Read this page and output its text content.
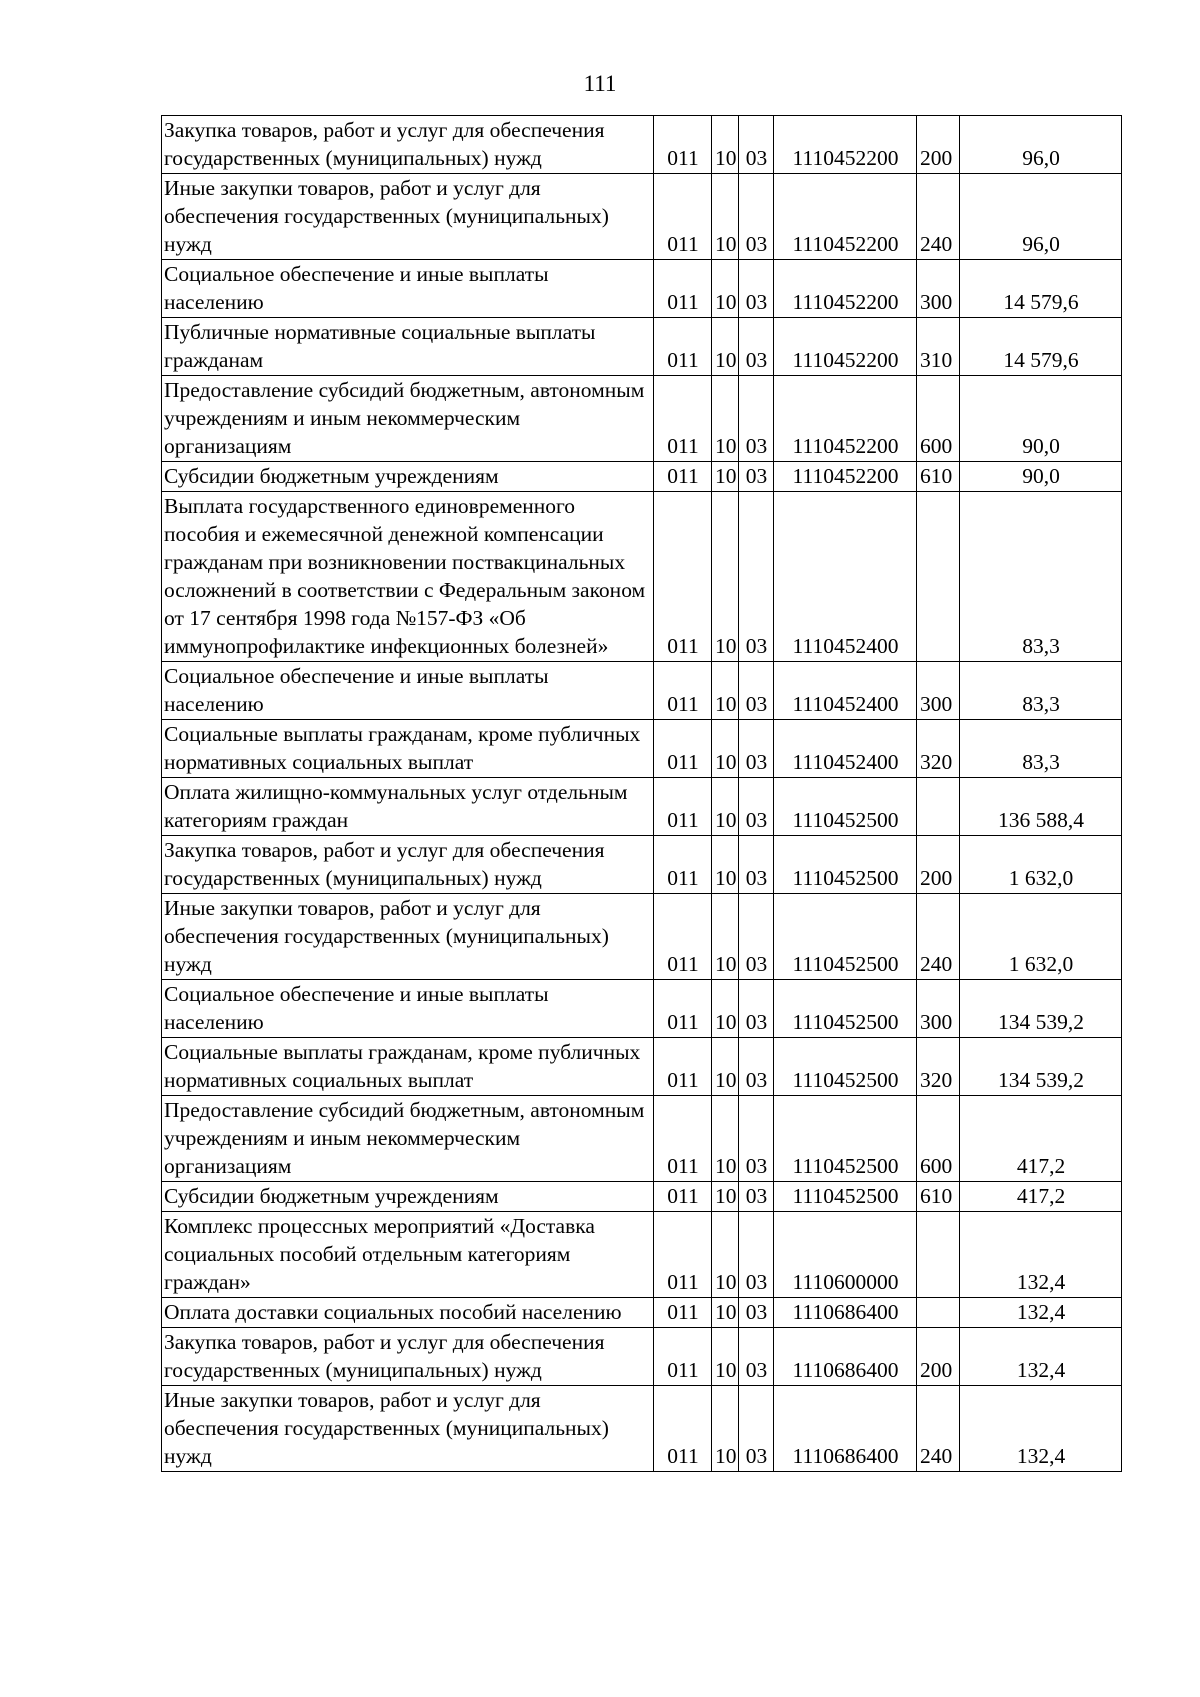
111
Закупка товаров, работ и услуг для обеспечения государственных (муниципальных) нужд	011	10	03	1110452200	200	96,0
Иные закупки товаров, работ и услуг для обеспечения государственных (муниципальных) нужд	011	10	03	1110452200	240	96,0
Социальное обеспечение и иные выплаты населению	011	10	03	1110452200	300	14 579,6
Публичные нормативные социальные выплаты гражданам	011	10	03	1110452200	310	14 579,6
Предоставление субсидий бюджетным, автономным учреждениям и иным некоммерческим организациям	011	10	03	1110452200	600	90,0
Субсидии бюджетным учреждениям	011	10	03	1110452200	610	90,0
Выплата государственного единовременного пособия и ежемесячной денежной компенсации гражданам при возникновении поствакцинальных осложнений в соответствии с Федеральным законом от 17 сентября 1998 года №157-ФЗ «Об иммунопрофилактике инфекционных болезней»	011	10	03	1110452400		83,3
Социальное обеспечение и иные выплаты населению	011	10	03	1110452400	300	83,3
Социальные выплаты гражданам, кроме публичных нормативных социальных выплат	011	10	03	1110452400	320	83,3
Оплата жилищно-коммунальных услуг отдельным категориям граждан	011	10	03	1110452500		136 588,4
Закупка товаров, работ и услуг для обеспечения государственных (муниципальных) нужд	011	10	03	1110452500	200	1 632,0
Иные закупки товаров, работ и услуг для обеспечения государственных (муниципальных) нужд	011	10	03	1110452500	240	1 632,0
Социальное обеспечение и иные выплаты населению	011	10	03	1110452500	300	134 539,2
Социальные выплаты гражданам, кроме публичных нормативных социальных выплат	011	10	03	1110452500	320	134 539,2
Предоставление субсидий бюджетным, автономным учреждениям и иным некоммерческим организациям	011	10	03	1110452500	600	417,2
Субсидии бюджетным учреждениям	011	10	03	1110452500	610	417,2
Комплекс процессных мероприятий «Доставка социальных пособий отдельным категориям граждан»	011	10	03	1110600000		132,4
Оплата доставки социальных пособий населению	011	10	03	1110686400		132,4
Закупка товаров, работ и услуг для обеспечения государственных (муниципальных) нужд	011	10	03	1110686400	200	132,4
Иные закупки товаров, работ и услуг для обеспечения государственных (муниципальных) нужд	011	10	03	1110686400	240	132,4
